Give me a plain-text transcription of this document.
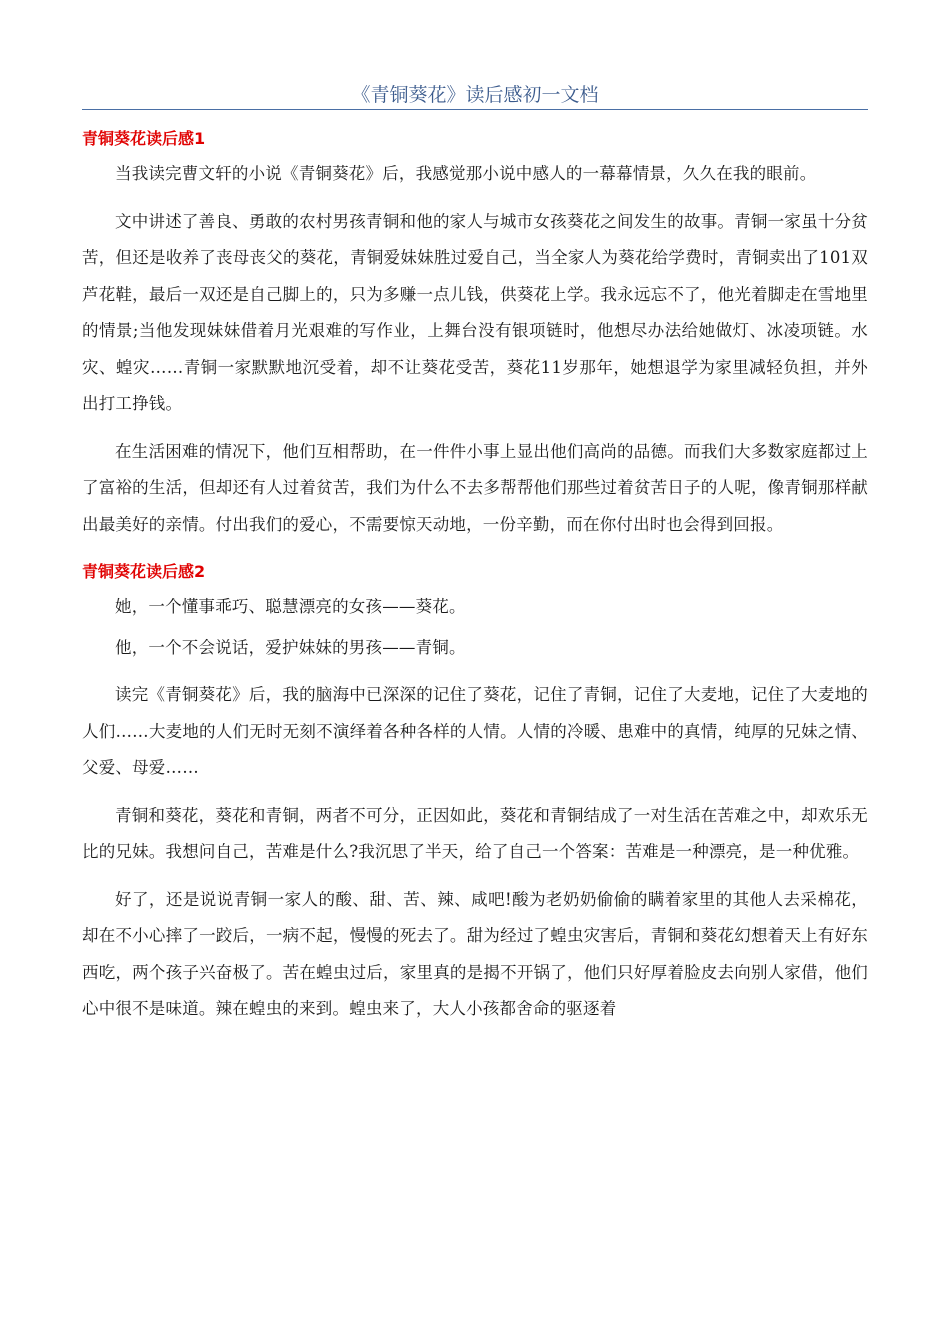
《青铜葵花》读后感初一文档
青铜葵花读后感1

当我读完曹文轩的小说《青铜葵花》后，我感觉那小说中感人的一幕幕情景，久久在我的眼前。

文中讲述了善良、勇敢的农村男孩青铜和他的家人与城市女孩葵花之间发生的故事。青铜一家虽十分贫苦，但还是收养了丧母丧父的葵花，青铜爱妹妹胜过爱自己，当全家人为葵花给学费时，青铜卖出了101双芦花鞋，最后一双还是自己脚上的，只为多赚一点儿钱，供葵花上学。我永远忘不了，他光着脚走在雪地里的情景;当他发现妹妹借着月光艰难的写作业，上舞台没有银项链时，他想尽办法给她做灯、冰凌项链。水灾、蝗灾……青铜一家默默地沉受着，却不让葵花受苦，葵花11岁那年，她想退学为家里减轻负担，并外出打工挣钱。

在生活困难的情况下，他们互相帮助，在一件件小事上显出他们高尚的品德。而我们大多数家庭都过上了富裕的生活，但却还有人过着贫苦，我们为什么不去多帮帮他们那些过着贫苦日子的人呢，像青铜那样献出最美好的亲情。付出我们的爱心，不需要惊天动地，一份辛勤，而在你付出时也会得到回报。

青铜葵花读后感2

她，一个懂事乖巧、聪慧漂亮的女孩——葵花。

他，一个不会说话，爱护妹妹的男孩——青铜。

读完《青铜葵花》后，我的脑海中已深深的记住了葵花，记住了青铜，记住了大麦地，记住了大麦地的人们……大麦地的人们无时无刻不演绎着各种各样的人情。人情的冷暖、患难中的真情，纯厚的兄妹之情、父爱、母爱……

青铜和葵花，葵花和青铜，两者不可分，正因如此，葵花和青铜结成了一对生活在苦难之中，却欢乐无比的兄妹。我想问自己，苦难是什么?我沉思了半天，给了自己一个答案：苦难是一种漂亮，是一种优雅。

好了，还是说说青铜一家人的酸、甜、苦、辣、咸吧!酸为老奶奶偷偷的瞒着家里的其他人去采棉花，却在不小心摔了一跤后，一病不起，慢慢的死去了。甜为经过了蝗虫灾害后，青铜和葵花幻想着天上有好东西吃，两个孩子兴奋极了。苦在蝗虫过后，家里真的是揭不开锅了，他们只好厚着脸皮去向别人家借，他们心中很不是味道。辣在蝗虫的来到。蝗虫来了，大人小孩都舍命的驱逐着
